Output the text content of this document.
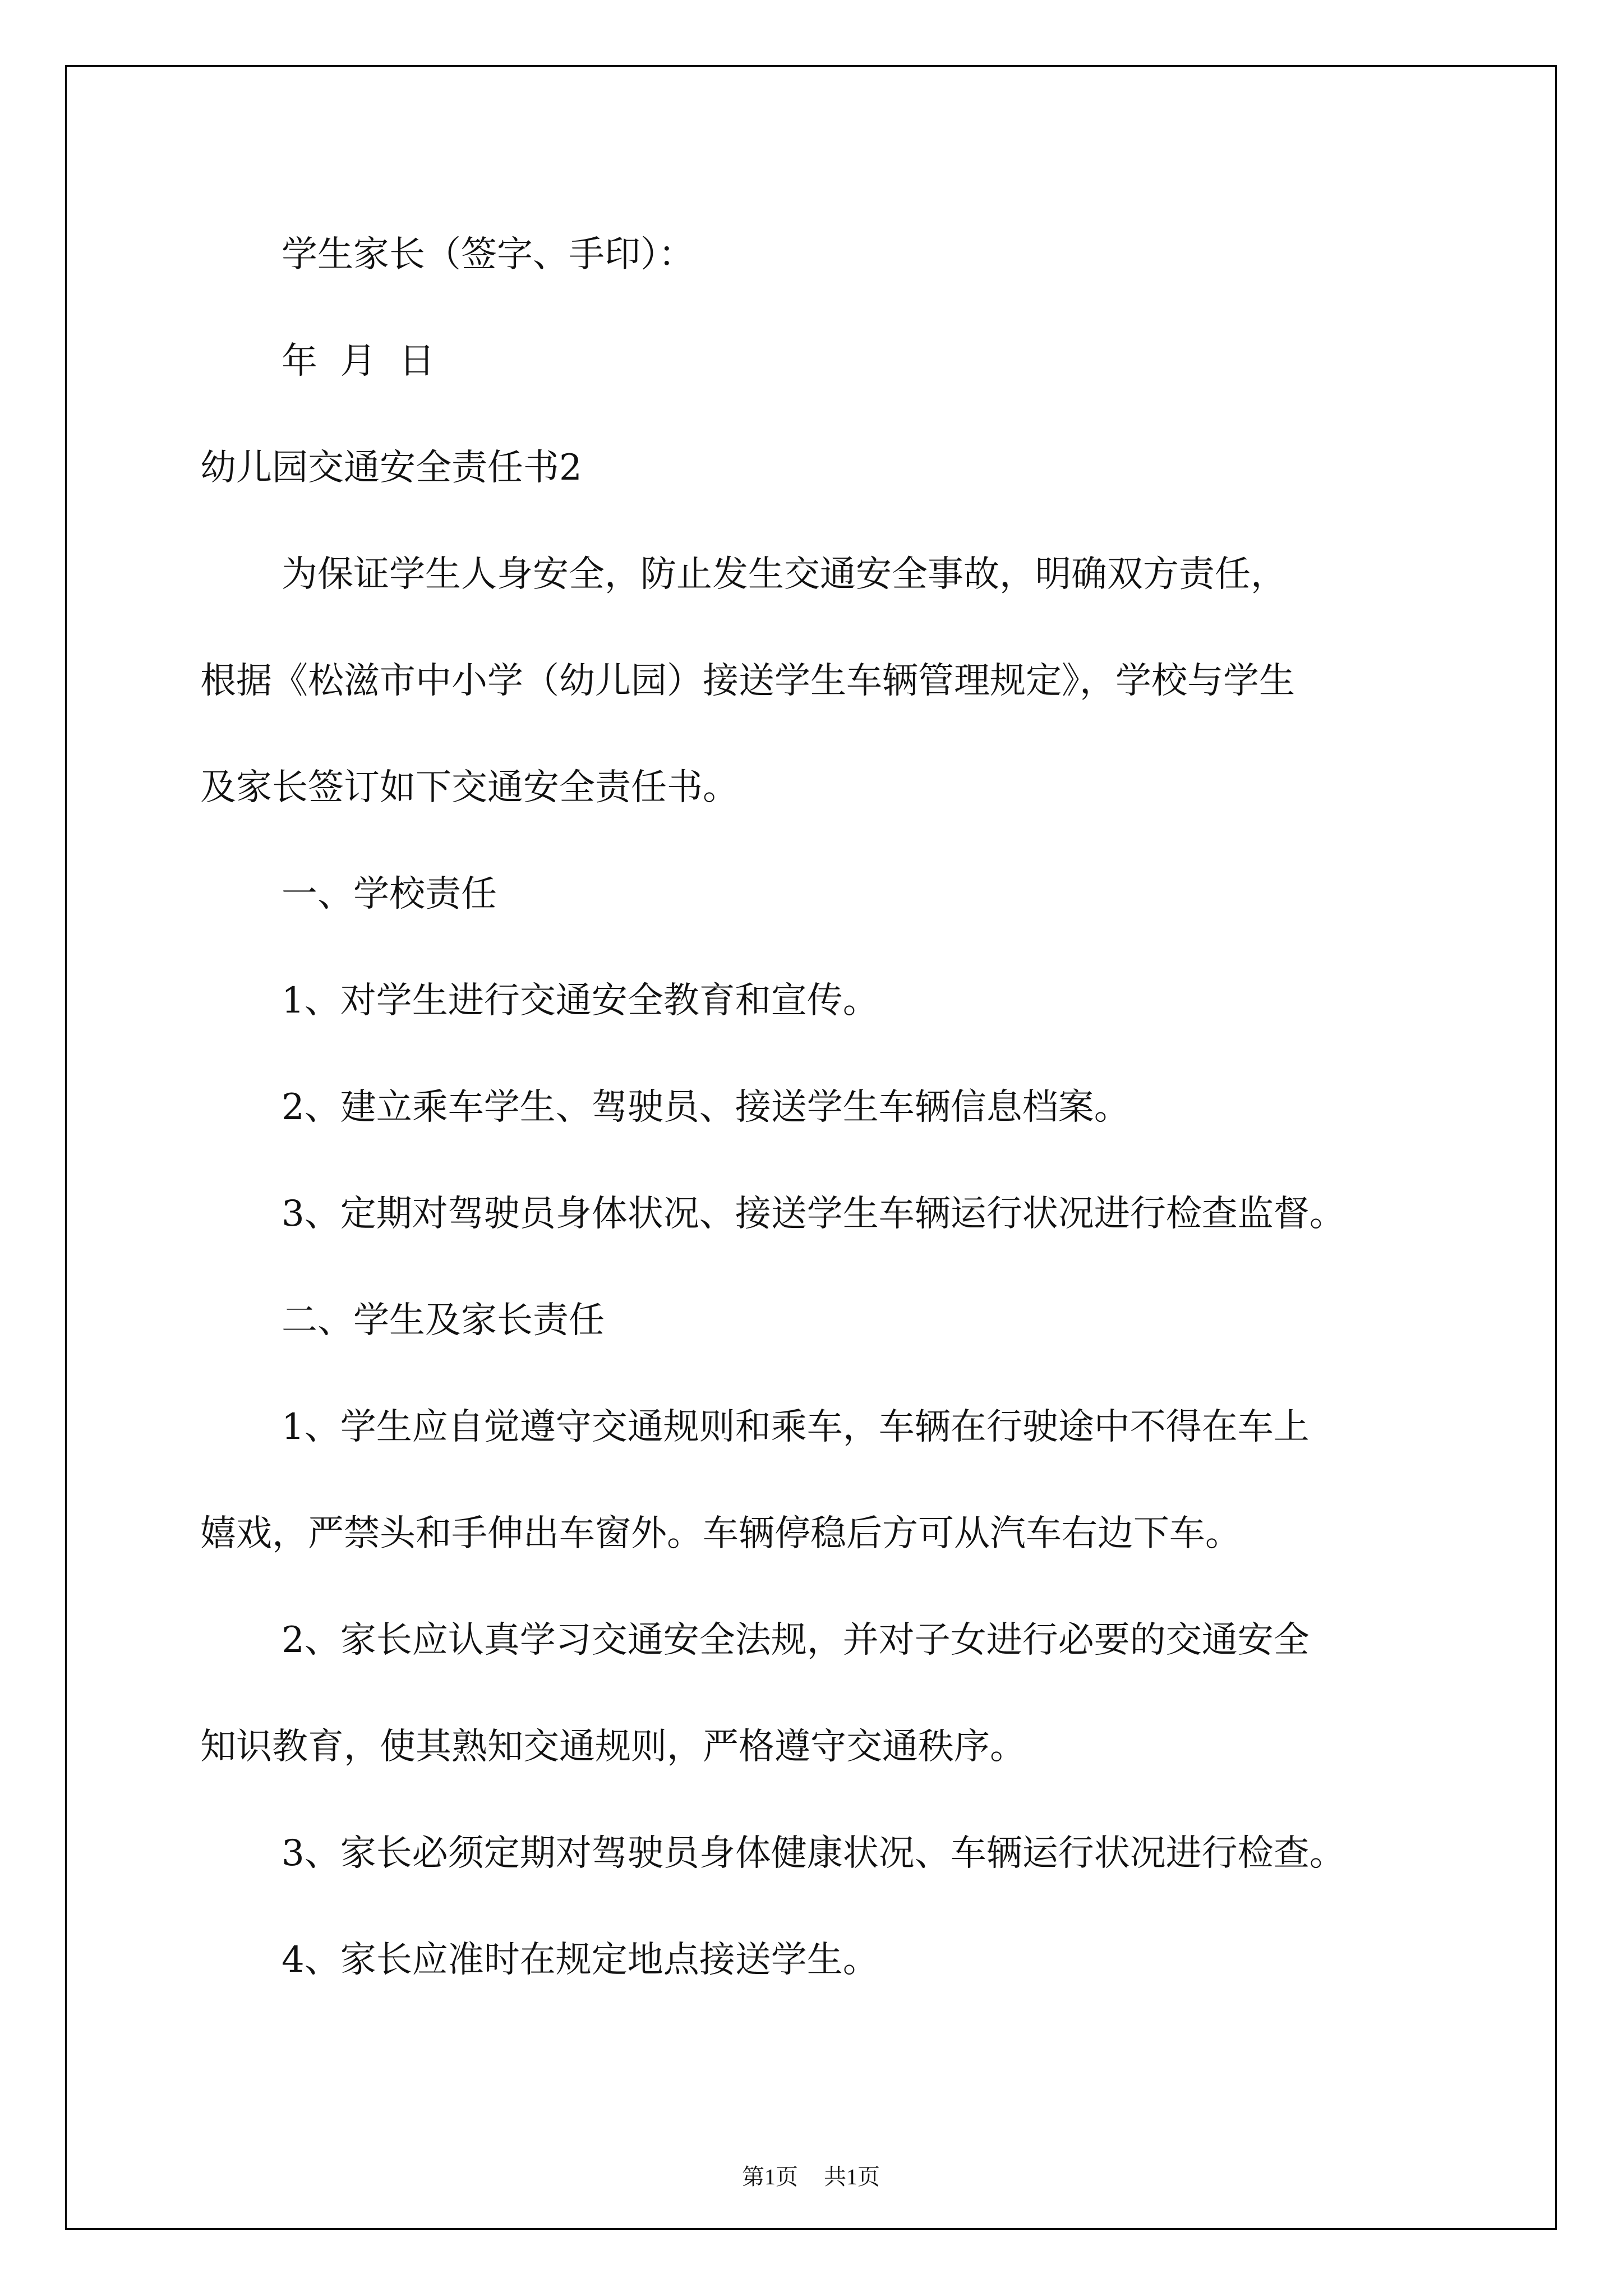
学生家长（签字、手印）：

年  月  日

幼儿园交通安全责任书2

为保证学生人身安全，防止发生交通安全事故，明确双方责任，

根据《松滋市中小学（幼儿园）接送学生车辆管理规定》，学校与学生

及家长签订如下交通安全责任书。

一、学校责任

1、对学生进行交通安全教育和宣传。

2、建立乘车学生、驾驶员、接送学生车辆信息档案。

3、定期对驾驶员身体状况、接送学生车辆运行状况进行检查监督。

二、学生及家长责任

1、学生应自觉遵守交通规则和乘车，车辆在行驶途中不得在车上

嬉戏，严禁头和手伸出车窗外。车辆停稳后方可从汽车右边下车。

2、家长应认真学习交通安全法规，并对子女进行必要的交通安全

知识教育，使其熟知交通规则，严格遵守交通秩序。

3、家长必须定期对驾驶员身体健康状况、车辆运行状况进行检查。

4、家长应准时在规定地点接送学生。

第1页 共1页
